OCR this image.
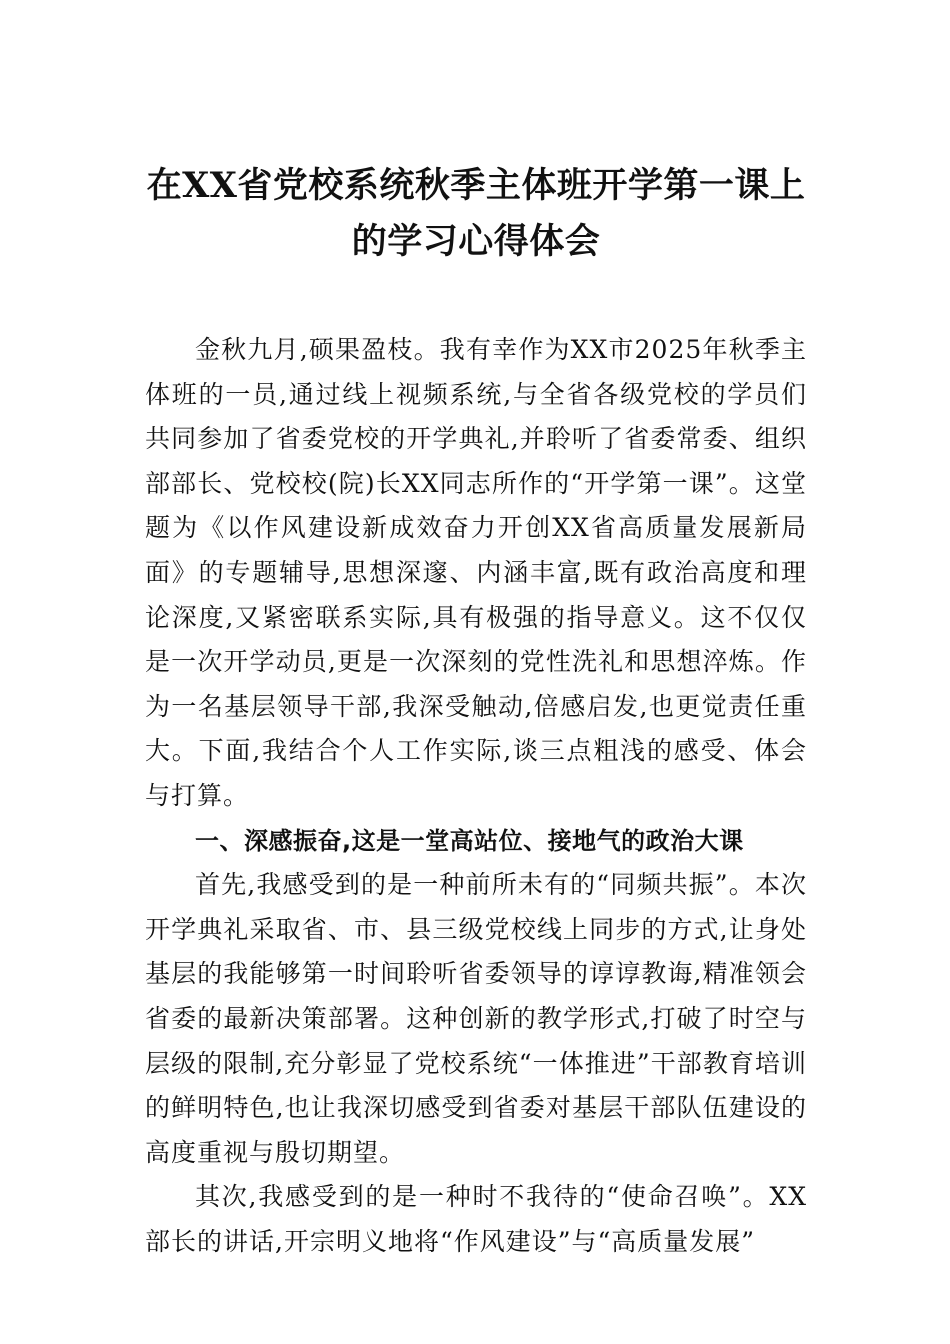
在XX省党校系统秋季主体班开学第一课上的学习心得体会

金秋九月,硕果盈枝。我有幸作为XX市2025年秋季主体班的一员,通过线上视频系统,与全省各级党校的学员们共同参加了省委党校的开学典礼,并聆听了省委常委、组织部部长、党校校(院)长XX同志所作的“开学第一课”。这堂题为《以作风建设新成效奋力开创XX省高质量发展新局面》的专题辅导,思想深邃、内涵丰富,既有政治高度和理论深度,又紧密联系实际,具有极强的指导意义。这不仅仅是一次开学动员,更是一次深刻的党性洗礼和思想淬炼。作为一名基层领导干部,我深受触动,倍感启发,也更觉责任重大。下面,我结合个人工作实际,谈三点粗浅的感受、体会与打算。

一、深感振奋,这是一堂高站位、接地气的政治大课

首先,我感受到的是一种前所未有的“同频共振”。本次开学典礼采取省、市、县三级党校线上同步的方式,让身处基层的我能够第一时间聆听省委领导的谆谆教诲,精准领会省委的最新决策部署。这种创新的教学形式,打破了时空与层级的限制,充分彰显了党校系统“一体推进”干部教育培训的鲜明特色,也让我深切感受到省委对基层干部队伍建设的高度重视与殷切期望。

其次,我感受到的是一种时不我待的“使命召唤”。XX部长的讲话,开宗明义地将“作风建设”与“高质量发展”
